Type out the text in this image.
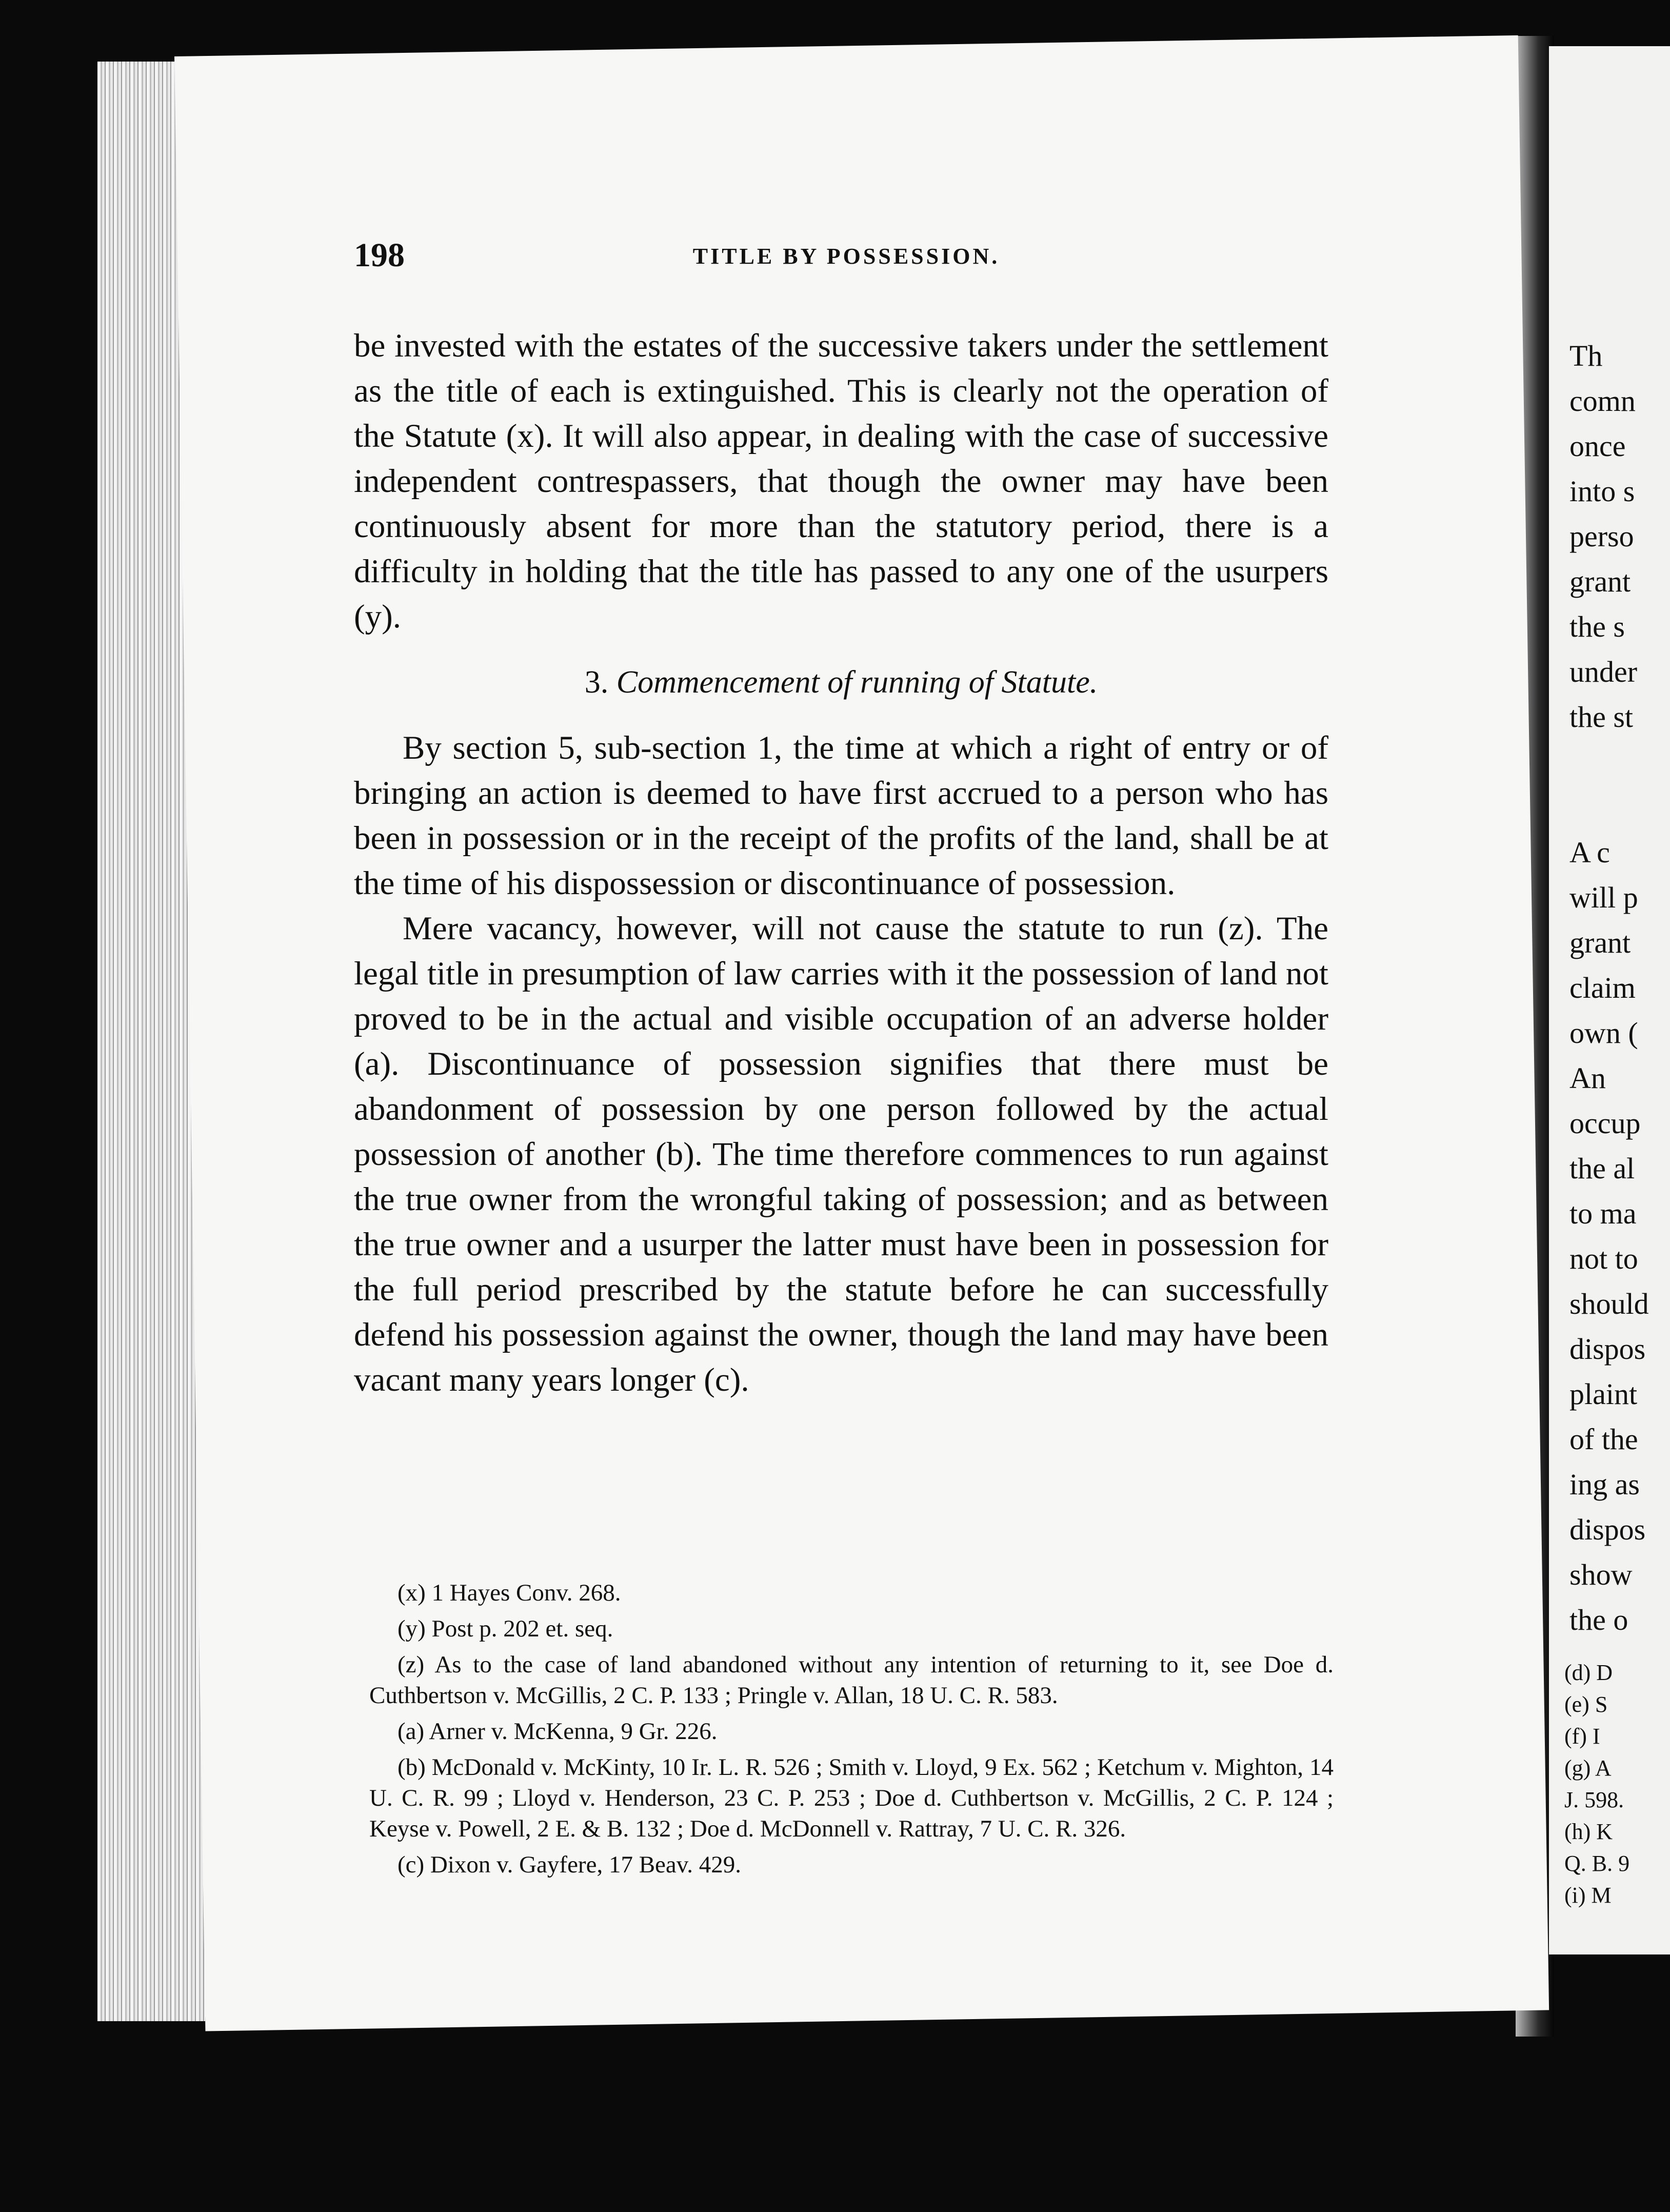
198	TITLE BY POSSESSION.

be invested with the estates of the successive takers under the settlement as the title of each is extinguished. This is clearly not the operation of the Statute (x). It will also appear, in dealing with the case of successive independent contrespassers, that though the owner may have been continuously absent for more than the statutory period, there is a difficulty in holding that the title has passed to any one of the usurpers (y).

3. Commencement of running of Statute.

By section 5, sub-section 1, the time at which a right of entry or of bringing an action is deemed to have first accrued to a person who has been in possession or in the receipt of the profits of the land, shall be at the time of his dispossession or discontinuance of possession.

Mere vacancy, however, will not cause the statute to run (z). The legal title in presumption of law carries with it the possession of land not proved to be in the actual and visible occupation of an adverse holder (a). Discontinuance of possession signifies that there must be abandonment of possession by one person followed by the actual possession of another (b). The time therefore commences to run against the true owner from the wrongful taking of possession; and as between the true owner and a usurper the latter must have been in possession for the full period prescribed by the statute before he can successfully defend his possession against the owner, though the land may have been vacant many years longer (c).

(x) 1 Hayes Conv. 268.

(y) Post p. 202 et. seq.

(z) As to the case of land abandoned without any intention of returning to it, see Doe d. Cuthbertson v. McGillis, 2 C. P. 133 ; Pringle v. Allan, 18 U. C. R. 583.

(a) Arner v. McKenna, 9 Gr. 226.

(b) McDonald v. McKinty, 10 Ir. L. R. 526 ; Smith v. Lloyd, 9 Ex. 562 ; Ketchum v. Mighton, 14 U. C. R. 99 ; Lloyd v. Henderson, 23 C. P. 253 ; Doe d. Cuthbertson v. McGillis, 2 C. P. 124 ; Keyse v. Powell, 2 E. & B. 132 ; Doe d. McDonnell v. Rattray, 7 U. C. R. 326.

(c) Dixon v. Gayfere, 17 Beav. 429.

Th
comn
once
into s
perso
grant
the s
under
the st

A c
will p
grant
claim
own (
An
occup
the al
to ma
not to
should
dispos
plaint
of the
ing as
dispos
show
the o
(d) D
(e) S
(f) I
(g) A
J. 598.
(h) K
Q. B. 9
(i) M
